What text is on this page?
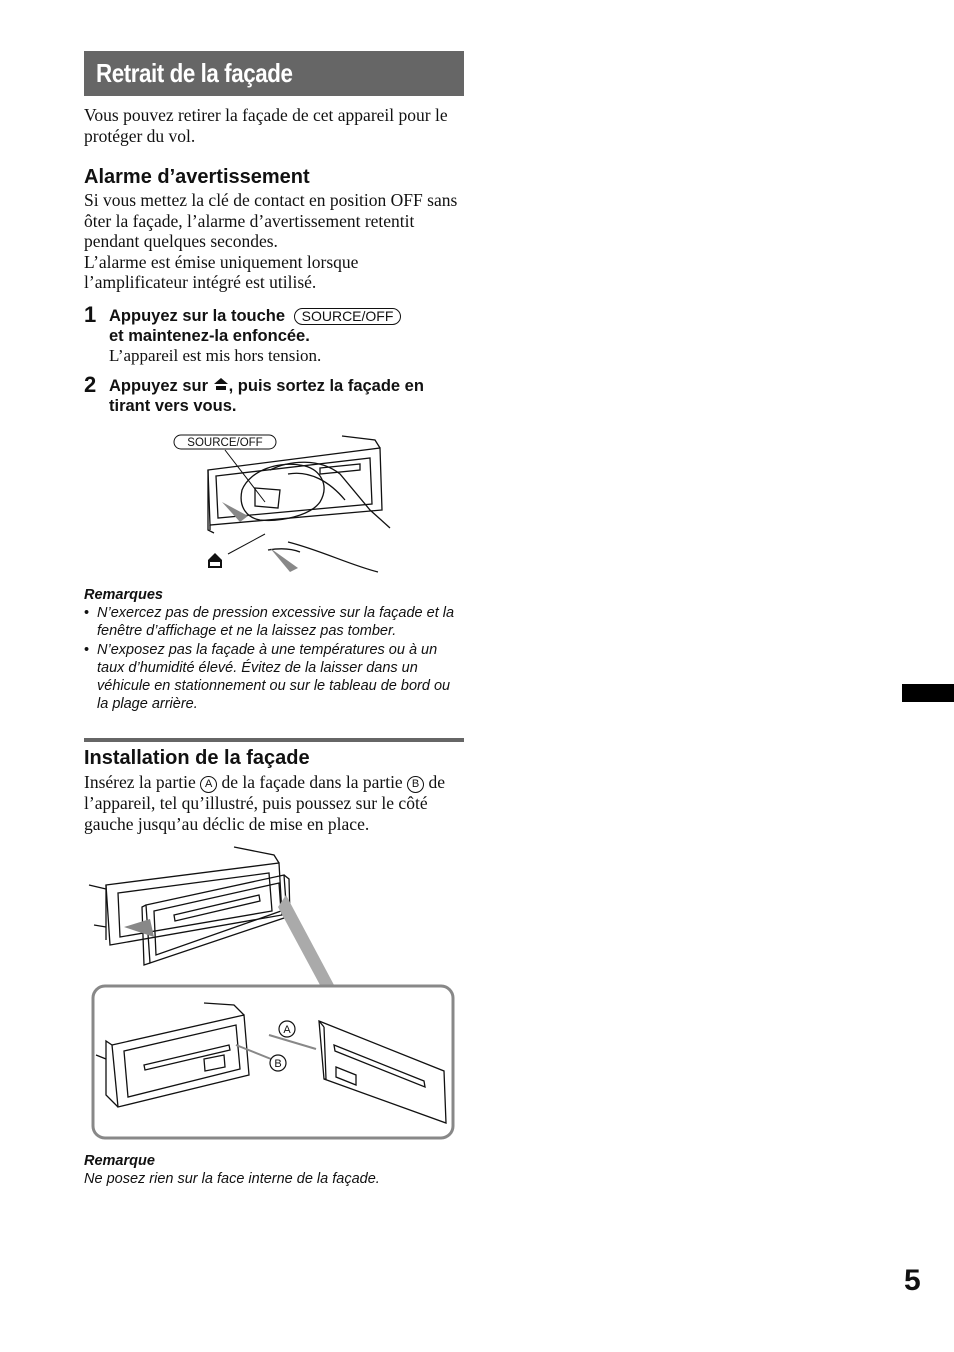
Retrait de la façade
Vous pouvez retirer la façade de cet appareil pour le protéger du vol.
Alarme d’avertissement
Si vous mettez la clé de contact en position OFF sans ôter la façade, l’alarme d’avertissement retentit pendant quelques secondes.
L’alarme est émise uniquement lorsque l’amplificateur intégré est utilisé.
1 Appuyez sur la touche SOURCE/OFF
et maintenez-la enfoncée.
L’appareil est mis hors tension.
2 Appuyez sur , puis sortez la façade en tirant vers vous.
SOURCE/OFF
Remarques
• N’exercez pas de pression excessive sur la façade et la fenêtre d’affichage et ne la laissez pas tomber.
• N’exposez pas la façade à une températures ou à un taux d’humidité élevé. Évitez de la laisser dans un véhicule en stationnement ou sur le tableau de bord ou la plage arrière.
Installation de la façade
Insérez la partie A de la façade dans la partie B de l’appareil, tel qu’illustré, puis poussez sur le côté gauche jusqu’au déclic de mise en place.
A
B
Remarque
Ne posez rien sur la face interne de la façade.
5
